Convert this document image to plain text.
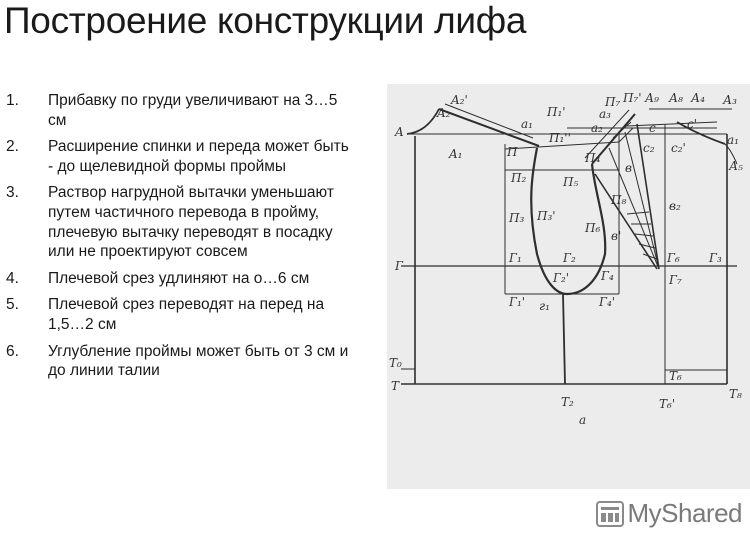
Построение конструкции лифа
1. Прибавку по груди увеличивают на 3…5 см
2. Расширение спинки и переда может быть - до щелевидной формы проймы
3. Раствор нагрудной вытачки уменьшают путем частичного перевода в пройму, плечевую вытачку переводят в посадку или не проектируют совсем
4. Плечевой срез удлиняют на о…6 см
5. Плечевой срез переводят на перед на 1,5…2 см
6. Углубление проймы может быть от 3 см и до линии талии
A
A₂
A₂'
A₁
Г
Г₁
Г₁'
Г₂
Г₂'	Г₄
Г₄'
Г₆
Г₇
Г₃
г₁
Т₀
Т
Т₂
а
Т₆
Т₆'
Т₈
а₁
П₁'
П₁''
П
П₂
П₃ П₃'
П₅
П₄
П₆
П₈
П₇ П₇'
а₂
а₃
А₉ А₈ А₄ А₃
а₁
А₅
с	с'
с₂ с₂'
в
в'
в₂
MyShared
